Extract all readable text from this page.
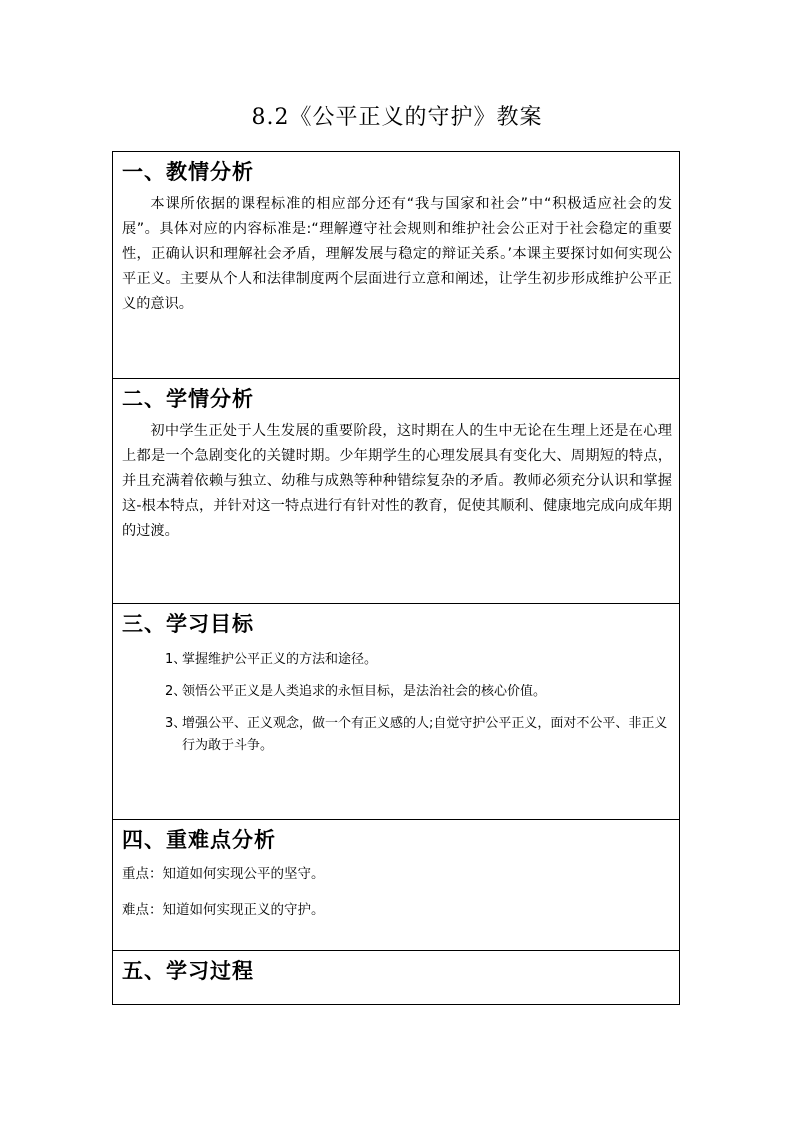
8.2《公平正义的守护》教案
一、教情分析
本课所依据的课程标准的相应部分还有“我与国家和社会”中“积极适应社会的发展”。具体对应的内容标准是:“理解遵守社会规则和维护社会公正对于社会稳定的重要性，正确认识和理解社会矛盾，理解发展与稳定的辩证关系。’本课主要探讨如何实现公平正义。主要从个人和法律制度两个层面进行立意和阐述，让学生初步形成维护公平正义的意识。
二、学情分析
初中学生正处于人生发展的重要阶段，这时期在人的生中无论在生理上还是在心理上都是一个急剧变化的关键时期。少年期学生的心理发展具有变化大、周期短的特点，并且充满着依赖与独立、幼稚与成熟等种种错综复杂的矛盾。教师必须充分认识和掌握这-根本特点，并针对这一特点进行有针对性的教育，促使其顺利、健康地完成向成年期的过渡。
三、学习目标
1、
掌握维护公平正义的方法和途径。
2、
领悟公平正义是人类追求的永恒目标，是法治社会的核心价值。
3、
增强公平、正义观念，做一个有正义感的人;自觉守护公平正义，面对不公平、非正义行为敢于斗争。
四、重难点分析
重点：知道如何实现公平的坚守。
难点：知道如何实现正义的守护。
五、学习过程
